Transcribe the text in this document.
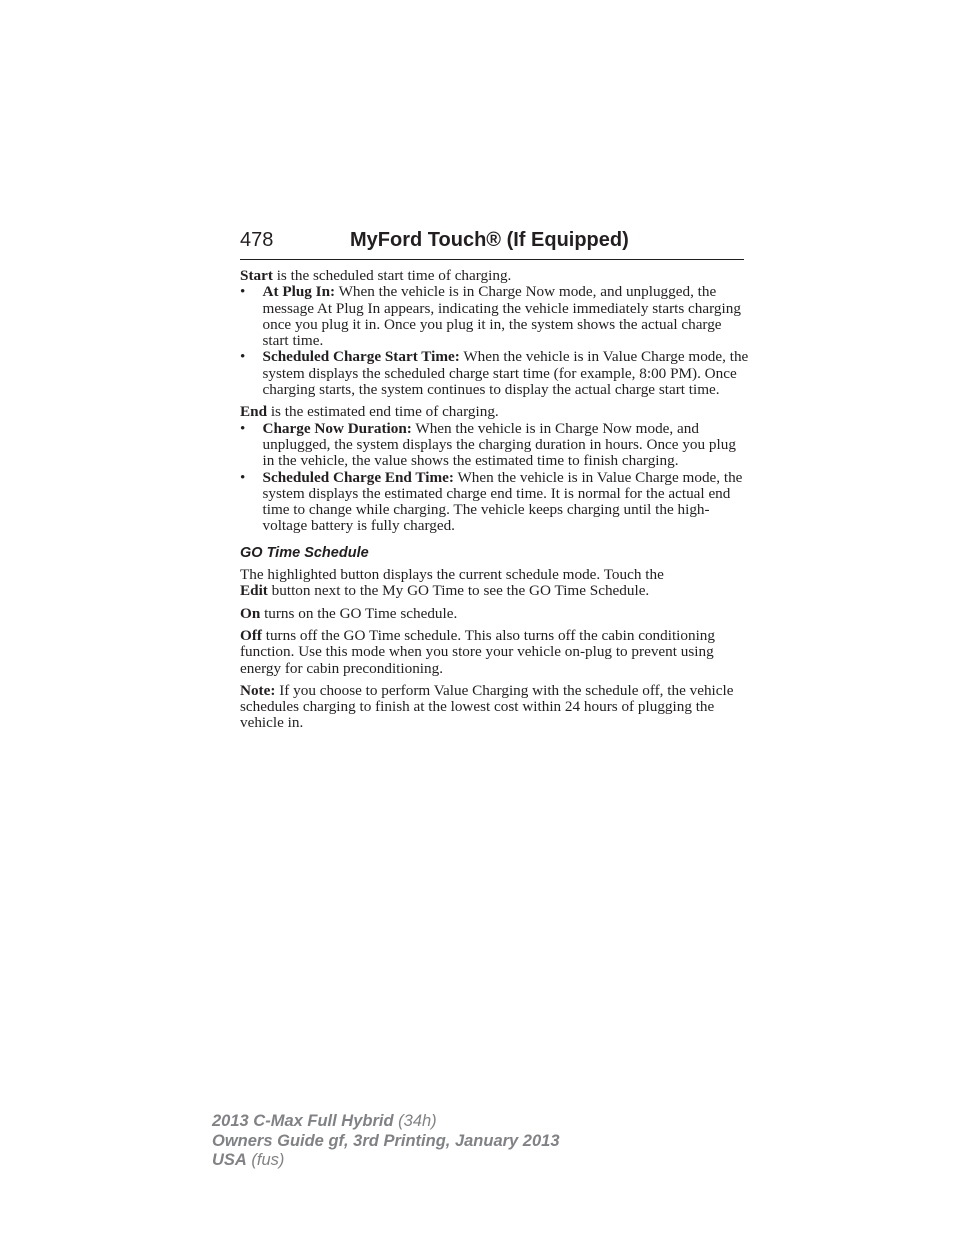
478	MyFord Touch® (If Equipped)

Start is the scheduled start time of charging.

• At Plug In: When the vehicle is in Charge Now mode, and unplugged, the message At Plug In appears, indicating the vehicle immediately starts charging once you plug it in. Once you plug it in, the system shows the actual charge start time.
• Scheduled Charge Start Time: When the vehicle is in Value Charge mode, the system displays the scheduled charge start time (for example, 8:00 PM). Once charging starts, the system continues to display the actual charge start time.

End is the estimated end time of charging.

• Charge Now Duration: When the vehicle is in Charge Now mode, and unplugged, the system displays the charging duration in hours. Once you plug in the vehicle, the value shows the estimated time to finish charging.
• Scheduled Charge End Time: When the vehicle is in Value Charge mode, the system displays the estimated charge end time. It is normal for the actual end time to change while charging. The vehicle keeps charging until the high-voltage battery is fully charged.

GO Time Schedule

The highlighted button displays the current schedule mode. Touch the
Edit button next to the My GO Time to see the GO Time Schedule.

On turns on the GO Time schedule.

Off turns off the GO Time schedule. This also turns off the cabin conditioning function. Use this mode when you store your vehicle on-plug to prevent using energy for cabin preconditioning.

Note: If you choose to perform Value Charging with the schedule off, the vehicle schedules charging to finish at the lowest cost within 24 hours of plugging the vehicle in.

2013 C-Max Full Hybrid (34h)
Owners Guide gf, 3rd Printing, January 2013
USA (fus)
